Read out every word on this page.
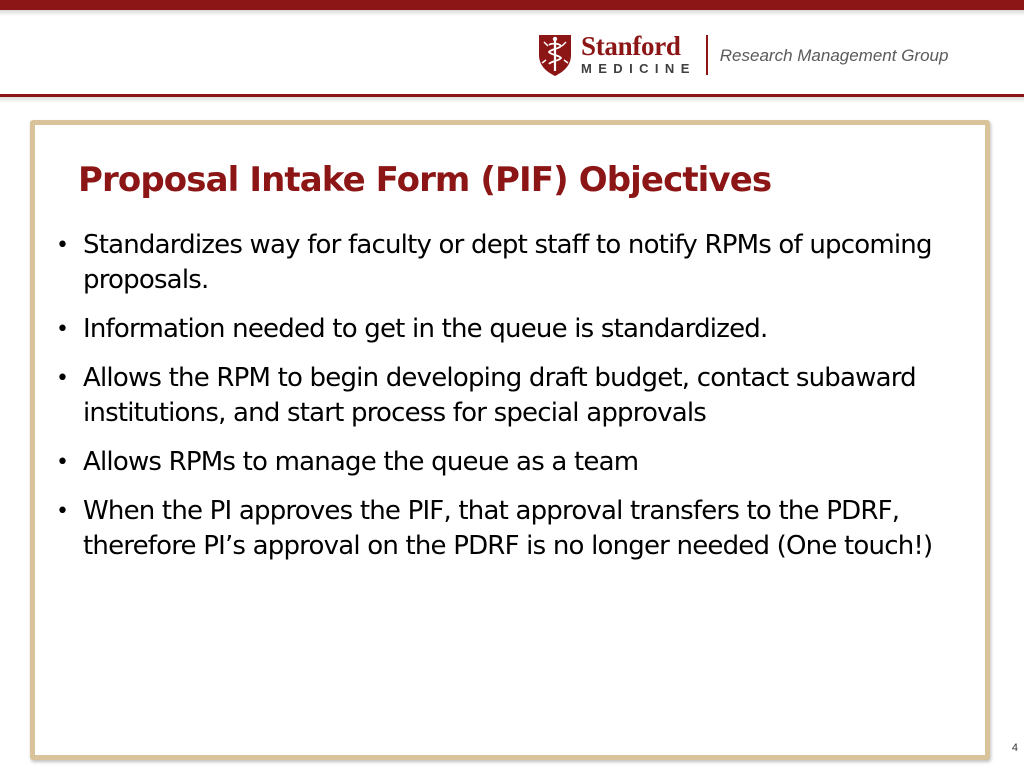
Stanford
MEDICINE
Research Management Group
Proposal Intake Form (PIF) Objectives
• Standardizes way for faculty or dept staff to notify RPMs of upcoming proposals.
• Information needed to get in the queue is standardized.
• Allows the RPM to begin developing draft budget, contact subaward institutions, and start process for special approvals
• Allows RPMs to manage the queue as a team
• When the PI approves the PIF, that approval transfers to the PDRF, therefore PI’s approval on the PDRF is no longer needed (One touch!)
4
